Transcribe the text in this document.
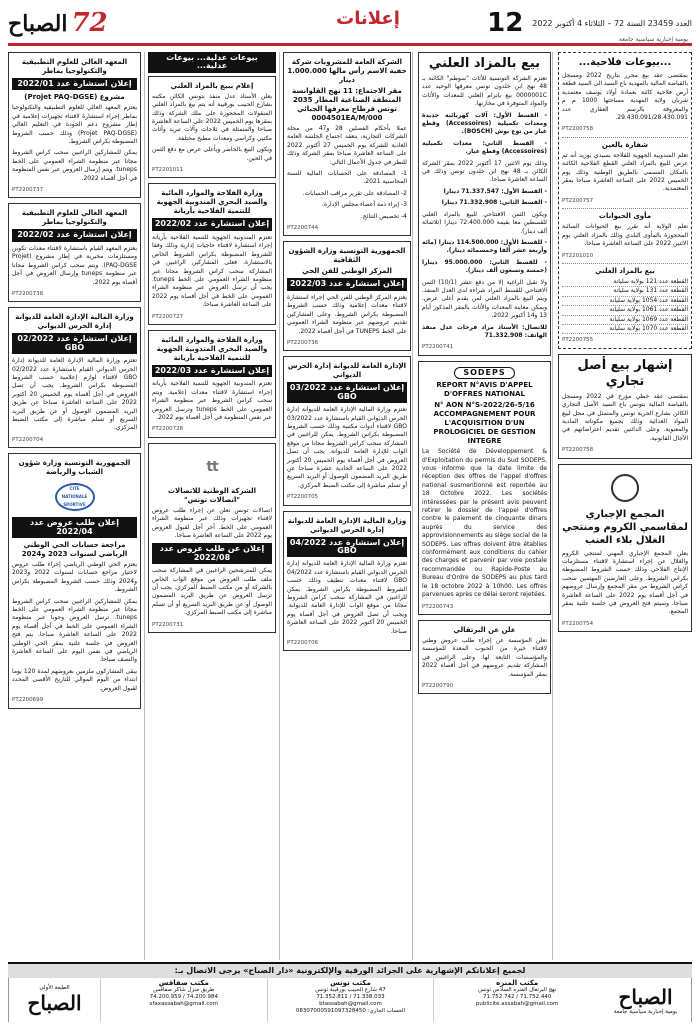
12 العدد 23459 السنة 72 – الثلاثاء 4 أكتوبر 2022
إعلانات
72
الصباح
يومية إخبارية سياسية جامعة
...بيوعات فلاحية...

بمقتضى عقد بيع محرر بتاريخ 2022 ومسجل بالقباضة المالية بالمهدية باع السيد الى السيد قطعة أرض فلاحية كائنة بعمادة أولاد يوسف معتمدية شربان ولاية المهدية مساحتها 1000 م م والمعروفة بالرسم العقاري عدد 29.430.091/28.430.091.

PT2200758
شفارة بالعين

تعلم المندوبية الجهوية للفلاحة بسيدي بوزيد أنه تم عرض للبيع بالمزاد العلني القطع الفلاحية الكائنة بالمكان المسمى بالطريق الوطنية وذلك يوم الخميس 2022 على الساعة العاشرة صباحا بمقر المعتمدية.

PT2200757
مأوى الحيوانات

تعلم الولاية أنه تقرر بيع الحيوانات السائبة المحجوزة بالمأوى البلدي وذلك بالمزاد العلني يوم الاثنين 2022 على الساعة العاشرة صباحا.

PT2201010
بيع بالمزاد العلني
القطعة عدد 121 بولاية سليانة
القطعة عدد 131 بولاية سليانة
القطعة عدد 1054 بولاية سليانة
القطعة عدد 1061 بولاية سليانة
القطعة عدد 1069 بولاية سليانة
القطعة عدد 1070 بولاية سليانة
PT2200755
إشهار بيع أصل تجاري

بمقتضى عقد خطي مؤرخ في 2022 ومسجل بالقباضة المالية بتونس باع السيد الأصل التجاري الكائن بشارع الحرية تونس والمتمثل في محل لبيع المواد الغذائية وذلك بجميع مكوناته المادية والمعنوية. وعلى الدائنين تقديم اعتراضاتهم في الآجال القانونية.

PT2200758
المجمع الإجباري لمقاسمي الكروم ومنتجي الغلال بلاء العنب

يعلن المجمع الإجباري المهني لمنتجي الكروم والغلال عن إجراء استشارة لاقتناء مستلزمات الإنتاج الفلاحي وذلك حسب الشروط المضبوطة بكراس الشروط. وعلى العارضين المهتمين سحب كراس الشروط من مقر المجمع وإرسال عروضهم في أجل أقصاه يوم 2022 على الساعة العاشرة صباحا. وسيتم فتح العروض في جلسة علنية بمقر المجمع.

PT2200754
بيع بالمزاد العلني

تعتزم الشركة التونسية للأثاث "سوطم" الكائنة بـ 48 نهج ابن خلدون تونس معرفها الوحيد عدد 0000001C بيع باتزام العلني للمعدات والأثاث والمواد المتوفرة في مخازنها.

- القسط الأول: آلات كهربائية جديدة ومعدات تكميلية (Accessoires) وقطع غيار من نوع بوش (BOSCH).

- القسط الثاني: معدات تكميلية (Accessoires) وقطع غيار.

وذلك يوم الاثنين 17 أكتوبر 2022 بمقر الشركة الكائن بـ 48 نهج ابن خلدون تونس وذلك في الساعة العاشرة صباحا.

- القسط الأول: 71.337.547 دينارا

- القسط الثاني: 71.332.908 دينارا

ويكون الثمن الافتتاحي للبيع بالمزاد العلني للقسطين معا بقيمة 72.400.000 دينارا (ثلاثمائة ألف دينار).

- للقسط الأول: 114.500.000 دينارا (مائة وأربعة عشر ألفا وخمسمائة دينار).

- للقسط الثاني: 95.000.000 دينارا (خمسة وتسعون ألف دينار).

ولا تقبل الراغبة إلا من دفع عشر (10/1) الثمن الافتتاحي للقسط المراد شراءه لدى العدل المنفذ. ويتم البيع بالمزاد العلني لمن يقدم أعلى عرض. ويمكن معاينة المعدات والأثاث بالمقر المذكور أيام 13 و14 أكتوبر 2022.

للاتصال: الأستاذ مراد فرحات عدل منفذ الهاتف: 71.332.908

PT2200741
SODEPS
REPORT N°AVIS D'APPEL D'OFFRES NATIONAL
N° AON N°S-2022/26-5/16 ACCOMPAGNEMENT POUR L'ACQUISITION D'UN PROLOGICIEL DE GESTION INTEGRE

La Société de Développement & d'Exploitation du permis du Sud SODEPS, vous informe que la date limite de réception des offres de l'appel d'offres national susmentionné est reportée au 18 Octobre 2022. Les sociétés intéressées par le présent avis peuvent retirer le dossier de l'appel d'offres contre le paiement de cinquante dinars auprès du service des approvisionnements au siège social de la SODEPS. Les offres doivent être établies conformément aux conditions du cahier des charges et parvenir par voie postale recommandée ou Rapide-Poste au Bureau d'Ordre de SODEPS au plus tard le 18 octobre 2022 à 10h00. Les offres parvenues après ce délai seront rejetées.

PT2200743
علن عن البرتقالي

تعلن المؤسسة عن إجراء طلب عروض وطني لاقتناء خيرة من الحبوب المعدة للمؤسسة والمؤسسات التابعة لها. وعلى الراغبين في المشاركة تقديم عروضهم في أجل أقصاه 2022 بمقر المؤسسة.

PT2200790
الشركة العامة للمشروبات شركة خفية الاسم رأس مالها 1.000.000 دينار
مقر الاجتماع: 11 نهج القلوانسة المنطقة الصناعية المطار 2035 تونس قرطاج معرفها الجبائي 0004501EA/M/000

عملا بأحكام الفصلين 28 و47 من مجلة الشركات التجارية، ينعقد اجتماع الجلسة العامة العادية للشركة يوم الخميس 27 أكتوبر 2022 على الساعة العاشرة صباحا بمقر الشركة وذلك للنظر في جدول الأعمال التالي:

1- المصادقة على الحسابات المالية للسنة المحاسبية 2021.

2- المصادقة على تقرير مراقب الحسابات.

3- إبراء ذمة أعضاء مجلس الإدارة.

4- تخصيص النتائج.

PT2200744
الجمهورية التونسية وزارة الشؤون الثقافية
المركز الوطني للفن الحي
إعلان استشارة عدد 2022/03

يعتزم المركز الوطني للفن الحي إجراء استشارة لاقتناء معدات إعلامية وذلك حسب الشروط المضبوطة بكراس الشروط. وعلى المشاركين تقديم عروضهم عبر منظومة الشراء العمومي على الخط TUNEPS في أجل أقصاه 2022.

PT2200736
الإدارة العامة للديوانة إدارة الحرس الديواني
إعلان استشارة عدد 03/2022 GBO

تعتزم وزارة المالية الإدارة العامة للديوانة إدارة الحرس الديواني القيام باستشارة عدد 03/2022 GBO لاقتناء أدوات مكتبية وذلك حسب الشروط المضبوطة بكراس الشروط. يمكن للراغبين في المشاركة سحب كراس الشروط مجانا من موقع الواب للإدارة العامة للديوانة. يجب أن تصل العروض في أجل أقصاه يوم الخميس 20 أكتوبر 2022 على الساعة الحادية عشرة صباحا عن طريق البريد المضمون الوصول أو البريد السريع أو تسلم مباشرة إلى مكتب الضبط المركزي.

PT2200705
وزارة المالية الإدارة العامة للديوانة إدارة الحرس الديواني
إعلان استشارة عدد 04/2022 GBO

تعتزم وزارة المالية الإدارة العامة للديوانة إدارة الحرس الديواني القيام باستشارة عدد 04/2022 GBO لاقتناء معدات تنظيف وذلك حسب الشروط المضبوطة بكراس الشروط. يمكن للراغبين في المشاركة سحب كراس الشروط مجانا من موقع الواب للإدارة العامة للديوانة. ويجب أن تصل العروض في أجل أقصاه يوم الخميس 20 أكتوبر 2022 على الساعة العاشرة صباحا.

PT2200706
بيوعات عدلية... بيوعات عدلية...
إعلام ببيع بالمزاد العلني

يعلن الأستاذ عدل منفذ بتونس الكائن مكتبه بشارع الحبيب بورقيبة أنه يتم بيع بالمزاد العلني المنقولات المحجوزة على ملك الشركة وذلك بمقرها يوم الخميس 2022 على الساعة العاشرة صباحا والمتمثلة في ثلاجات وآلات تبريد وأثاث مكتبي وكراسي ومعدات مطبخ مختلفة.

ويكون البيع بالحاضر وبأعلى عرض مع دفع الثمن في الحين.

PT2201011
وزارة الفلاحة والموارد المائية والصيد البحري المندوبية الجهوية للتنمية الفلاحية بأريانة
إعلان استشارة عدد 2022/02

تعتزم المندوبية الجهوية للتنمية الفلاحية بأريانة إجراء استشارة لاقتناء حاجيات إدارية وذلك وفقا للشروط المضبوطة بكراس الشروط الخاص بالاستشارة. فعلى المشاركين الراغبين في المشاركة سحب كراس الشروط مجانا عبر منظومة الشراء العمومي على الخط tuneps. يجب أن ترسل العروض عبر منظومة الشراء العمومي على الخط في أجل أقصاه يوم 2022 على الساعة العاشرة صباحا.

PT2200727
وزارة الفلاحة والموارد المائية والصيد البحري المندوبية الجهوية للتنمية الفلاحية بأريانة
إعلان استشارة عدد 2022/03

تعتزم المندوبية الجهوية للتنمية الفلاحية بأريانة إجراء استشارة لاقتناء معدات إعلامية. ويتم سحب كراس الشروط عبر منظومة الشراء العمومي على الخط tuneps وترسل العروض عبر نفس المنظومة في أجل أقصاه يوم 2022.

PT2200728
tt
الشركة الوطنية للاتصالات "اتصالات تونس"

اتصالات تونس تعلن عن إجراء طلب عروض لاقتناء تجهيزات وذلك عبر منظومة الشراء العمومي على الخط. آخر أجل لقبول العروض يوم 2022 على الساعة العاشرة صباحا.

إعلان عن طلب عروض عدد 2022/08

يمكن للمترشحين الراغبين في المشاركة سحب ملف طلب العروض من موقع الواب الخاص بالشركة أو من مكتب الضبط المركزي. يجب أن ترسل العروض عن طريق البريد المضمون الوصول أو عن طريق البريد السريع أو أن تسلم مباشرة إلى مكتب الضبط المركزي.

PT2200731
المعهد العالي للعلوم التطبيقية والتكنولوجيا بماطر
إعلان استشارة عدد 2022/01
مشروع (Projet PAQ-DGSE)

يعتزم المعهد العالي للعلوم التطبيقية والتكنولوجيا بماطر إجراء استشارة لاقتناء تجهيزات إعلامية في إطار مشروع دعم الجودة في التعليم العالي (Projet PAQ-DGSE) وذلك حسب الشروط المضبوطة بكراس الشروط.

يمكن للمشاركين الراغبين سحب كراس الشروط مجانا عبر منظومة الشراء العمومي على الخط tuneps. ويتم إرسال العروض عبر نفس المنظومة في أجل أقصاه 2022.

PT2200737
المعهد العالي للعلوم التطبيقية والتكنولوجيا بماطر
إعلان استشارة عدد 2022/02

يعتزم المعهد القيام باستشارة لاقتناء معدات تكوين ومستلزمات مخبرية في إطار مشروع (Projet PAQ-DGSE). ويتم سحب كراس الشروط مجانا عبر منظومة tuneps وإرسال العروض في أجل أقصاه يوم 2022.

PT2200738
وزارة المالية الإدارة العامة للديوانة إدارة الحرس الديواني
إعلان استشارة عدد 02/2022 GBO

تعتزم وزارة المالية الإدارة العامة للديوانة إدارة الحرس الديواني القيام باستشارة عدد 02/2022 GBO لاقتناء لوازم إعلامية حسب الشروط المضبوطة بكراس الشروط. يجب أن تصل العروض في أجل أقصاه يوم الخميس 20 أكتوبر 2022 على الساعة العاشرة صباحا عن طريق البريد المضمون الوصول أو عن طريق البريد السريع أو تسلم مباشرة إلى مكتب الضبط المركزي.

PT2200704
الجمهورية التونسية وزارة شؤون الشباب والرياضة
CITE NATIONALE SPORTIVE
إعلان طلب عروض عدد 2022/04
مراجعة حسابات الحي الوطني الرياضي لسنوات 2023 و2024

يعتزم الحي الوطني الرياضي إجراء طلب عروض لاختيار مراجع حسابات لسنوات 2022 و2023 و2024 وذلك حسب الشروط المضبوطة بكراس الشروط.

يمكن للمشاركين الراغبين سحب كراس الشروط مجانا عبر منظومة الشراء العمومي على الخط tuneps. ترسل العروض وجوبا عبر منظومة الشراء العمومي على الخط في أجل أقصاه يوم 2022 على الساعة العاشرة صباحا. يتم فتح العروض في جلسة علنية بمقر الحي الوطني الرياضي في نفس اليوم على الساعة العاشرة والنصف صباحا.

يبقى المشاركون ملزمين بعروضهم لمدة 120 يوما ابتداء من اليوم الموالي للتاريخ الأقصى المحدد لقبول العروض.

PT2200699
لجميع إعلاناتكم الإشهارية على الجرائد الورقية والإلكترونية «دار الصباح» يرجى الاتصال بـ:
الصباح
يومية إخبارية سياسية جامعة
مكتب المنزه
نهج البرتغال المنزه السادس تونس
71.752.742 / 71.752.440
publicite.assabah@gmail.com
مكتب تونس
47 شارع الحبيب بورقيبة تونس
71.352.811 / 71.338.033
btassabah@gmail.com
الحساب الجاري: 08307000591097328450
مكتب صفاقس
طريق منزل شاكر صفاقس
74.200.959 / 74.200.984
sfaxassabah@gmail.com
الطبعة الأولى
الصباح
